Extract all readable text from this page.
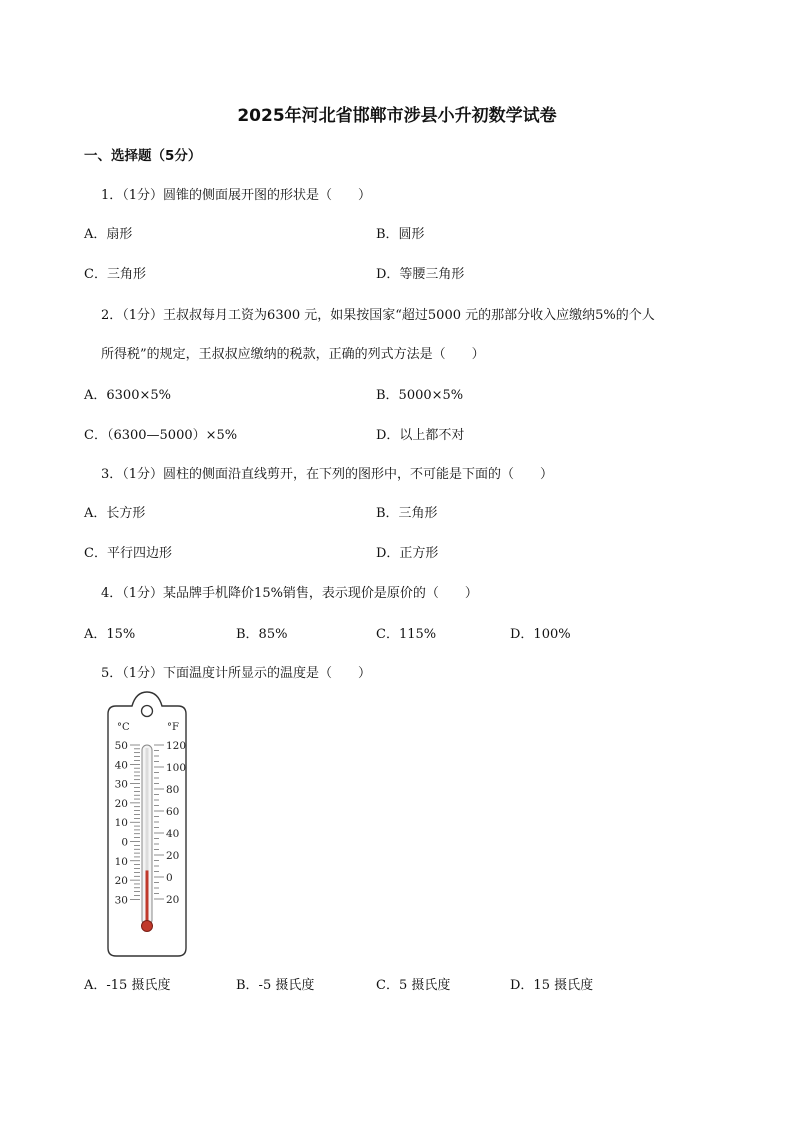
2025年河北省邯郸市涉县小升初数学试卷
一、选择题（5分）
1．（1分）圆锥的侧面展开图的形状是（　　）
A．扇形	B．圆形
C．三角形	D．等腰三角形
2．（1分）王叔叔每月工资为6300 元，如果按国家“超过5000 元的那部分收入应缴纳5%的个人
所得税”的规定，王叔叔应缴纳的税款，正确的列式方法是（　　）
A．6300×5%	B．5000×5%
C．（6300—5000）×5%	D．以上都不对
3．（1分）圆柱的侧面沿直线剪开，在下列的图形中，不可能是下面的（　　）
A．长方形	B．三角形
C．平行四边形	D．正方形
4．（1分）某品牌手机降价15%销售，表示现价是原价的（　　）
A．15%	B．85%	C．115%	D．100%
5．（1分）下面温度计所显示的温度是（　　）
°C	°F
50
40
30
20
10
0
10
20
30
120
100
80
60
40
20
0
20
A．-15 摄氏度	B．-5 摄氏度	C．5 摄氏度	D．15 摄氏度
